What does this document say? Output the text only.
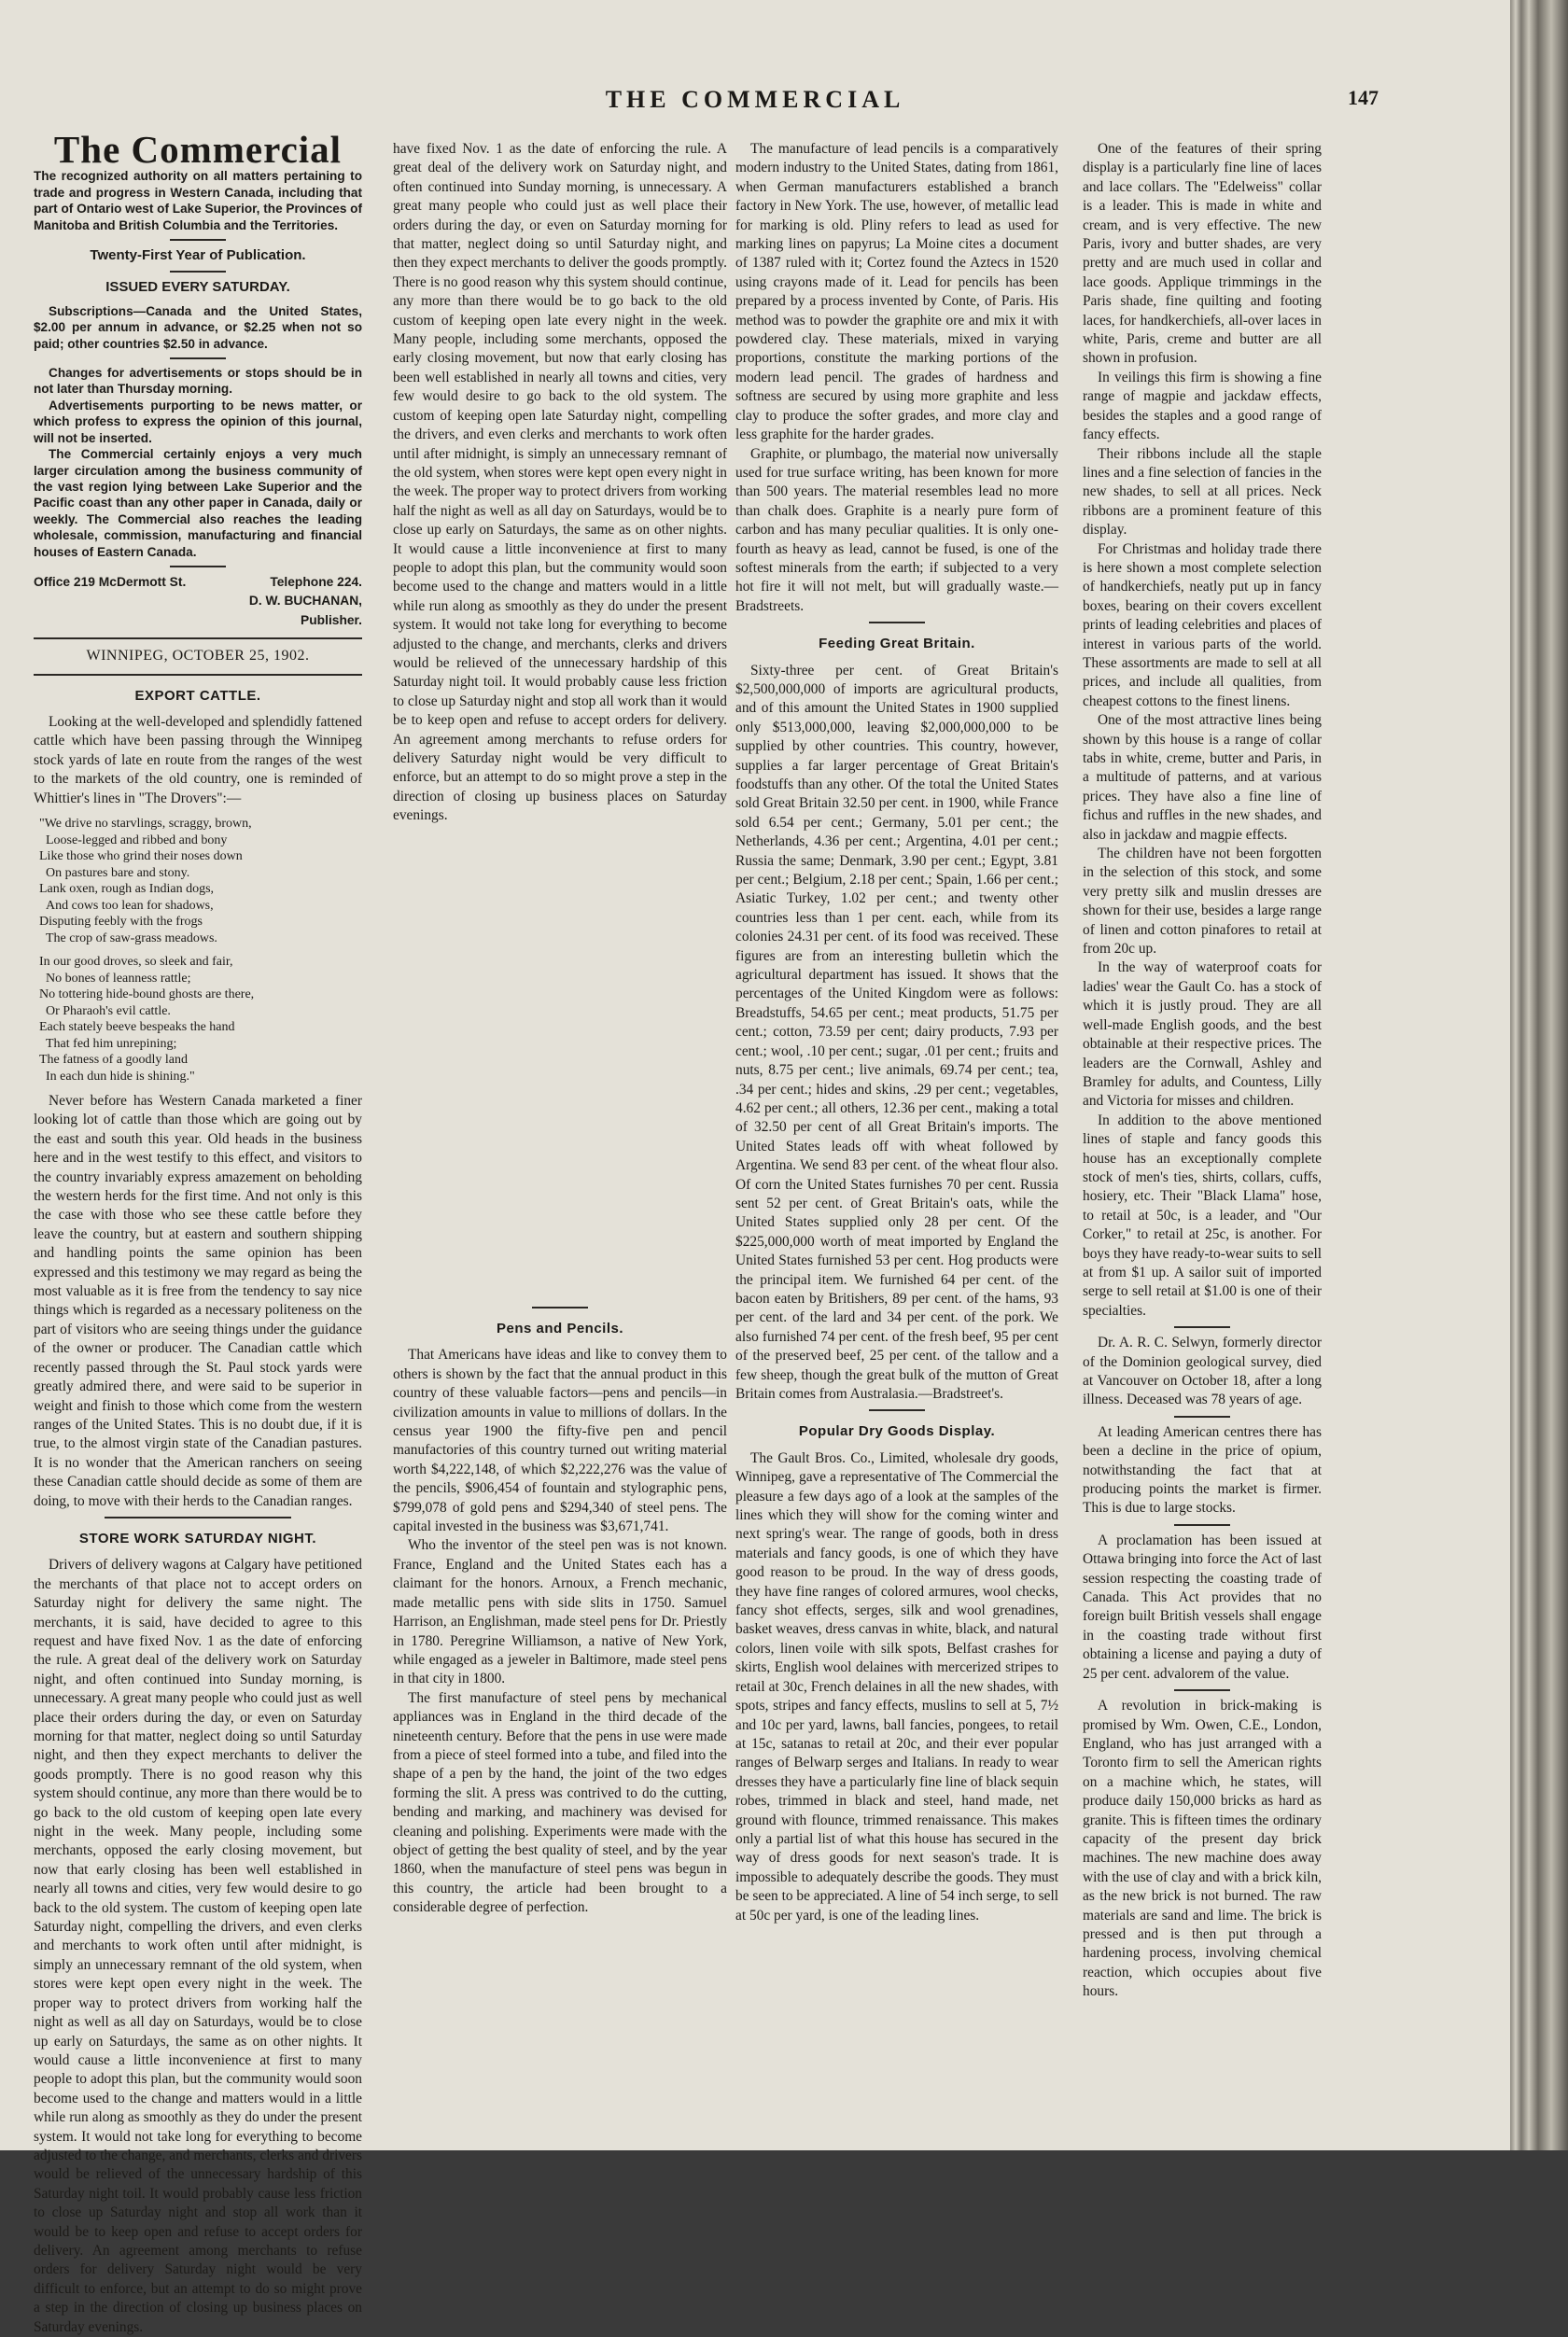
THE COMMERCIAL	147
The Commercial

The recognized authority on all matters pertaining to trade and progress in Western Canada, including that part of Ontario west of Lake Superior, the Provinces of Manitoba and British Columbia and the Territories.

Twenty-First Year of Publication.
ISSUED EVERY SATURDAY.

Subscriptions—Canada and the United States, $2.00 per annum in advance, or $2.25 when not so paid; other countries $2.50 in advance.

Changes for advertisements or stops should be in not later than Thursday morning.

Advertisements purporting to be news matter, or which profess to express the opinion of this journal, will not be inserted.

The Commercial certainly enjoys a very much larger circulation among the business community of the vast region lying between Lake Superior and the Pacific coast than any other paper in Canada, daily or weekly. The Commercial also reaches the leading wholesale, commission, manufacturing and financial houses of Eastern Canada.

Office 219 McDermott St.	Telephone 224.
D. W. BUCHANAN,
Publisher.
WINNIPEG, OCTOBER 25, 1902.
EXPORT CATTLE.

Looking at the well-developed and splendidly fattened cattle which have been passing through the Winnipeg stock yards of late en route from the ranges of the west to the markets of the old country, one is reminded of Whittier's lines in "The Drovers":—

"We drive no starvlings, scraggy, brown,
Loose-legged and ribbed and bony
Like those who grind their noses down
On pastures bare and stony.
Lank oxen, rough as Indian dogs,
And cows too lean for shadows,
Disputing feebly with the frogs
The crop of saw-grass meadows.
In our good droves, so sleek and fair,
No bones of leanness rattle;
No tottering hide-bound ghosts are there,
Or Pharaoh's evil cattle.
Each stately beeve bespeaks the hand
That fed him unrepining;
The fatness of a goodly land
In each dun hide is shining."

Never before has Western Canada marketed a finer looking lot of cattle than those which are going out by the east and south this year. Old heads in the business here and in the west testify to this effect, and visitors to the country invariably express amazement on beholding the western herds for the first time. And not only is this the case with those who see these cattle before they leave the country, but at eastern and southern shipping and handling points the same opinion has been expressed and this testimony we may regard as being the most valuable as it is free from the tendency to say nice things which is regarded as a necessary politeness on the part of visitors who are seeing things under the guidance of the owner or producer. The Canadian cattle which recently passed through the St. Paul stock yards were greatly admired there, and were said to be superior in weight and finish to those which come from the western ranges of the United States. This is no doubt due, if it is true, to the almost virgin state of the Canadian pastures. It is no wonder that the American ranchers on seeing these Canadian cattle should decide as some of them are doing, to move with their herds to the Canadian ranges.

STORE WORK SATURDAY NIGHT.

Drivers of delivery wagons at Calgary have petitioned the merchants of that place not to accept orders on Saturday night for delivery the same night. The merchants, it is said, have decided to agree to this request and have fixed Nov. 1 as the date of enforcing the rule. A great deal of the delivery work on Saturday night, and often continued into Sunday morning, is unnecessary. A great many people who could just as well place their orders during the day, or even on Saturday morning for that matter, neglect doing so until Saturday night, and then they expect merchants to deliver the goods promptly. There is no good reason why this system should continue, any more than there would be to go back to the old custom of keeping open late every night in the week. Many people, including some merchants, opposed the early closing movement, but now that early closing has been well established in nearly all towns and cities, very few would desire to go back to the old system. The custom of keeping open late Saturday night, compelling the drivers, and even clerks and merchants to work often until after midnight, is simply an unnecessary remnant of the old system, when stores were kept open every night in the week. The proper way to protect drivers from working half the night as well as all day on Saturdays, would be to close up early on Saturdays, the same as on other nights. It would cause a little inconvenience at first to many people to adopt this plan, but the community would soon become used to the change and matters would in a little while run along as smoothly as they do under the present system. It would not take long for everything to become adjusted to the change, and merchants, clerks and drivers would be relieved of the unnecessary hardship of this Saturday night toil. It would probably cause less friction to close up Saturday night and stop all work than it would be to keep open and refuse to accept orders for delivery. An agreement among merchants to refuse orders for delivery Saturday night would be very difficult to enforce, but an attempt to do so might prove a step in the direction of closing up business places on Saturday evenings.

have fixed Nov. 1 as the date of enforcing the rule. A great deal of the delivery work on Saturday night, and often continued into Sunday morning, is unnecessary. A great many people who could just as well place their orders during the day, or even on Saturday morning for that matter, neglect doing so until Saturday night, and then they expect merchants to deliver the goods promptly. There is no good reason why this system should continue, any more than there would be to go back to the old custom of keeping open late every night in the week. Many people, including some merchants, opposed the early closing movement, but now that early closing has been well established in nearly all towns and cities, very few would desire to go back to the old system. The custom of keeping open late Saturday night, compelling the drivers, and even clerks and merchants to work often until after midnight, is simply an unnecessary remnant of the old system, when stores were kept open every night in the week. The proper way to protect drivers from working half the night as well as all day on Saturdays, would be to close up early on Saturdays, the same as on other nights. It would cause a little inconvenience at first to many people to adopt this plan, but the community would soon become used to the change and matters would in a little while run along as smoothly as they do under the present system. It would not take long for everything to become adjusted to the change, and merchants, clerks and drivers would be relieved of the unnecessary hardship of this Saturday night toil. It would probably cause less friction to close up Saturday night and stop all work than it would be to keep open and refuse to accept orders for delivery. An agreement among merchants to refuse orders for delivery Saturday night would be very difficult to enforce, but an attempt to do so might prove a step in the direction of closing up business places on Saturday evenings.

Pens and Pencils.

That Americans have ideas and like to convey them to others is shown by the fact that the annual product in this country of these valuable factors—pens and pencils—in civilization amounts in value to millions of dollars. In the census year 1900 the fifty-five pen and pencil manufactories of this country turned out writing material worth $4,222,148, of which $2,222,276 was the value of the pencils, $906,454 of fountain and stylographic pens, $799,078 of gold pens and $294,340 of steel pens. The capital invested in the business was $3,671,741.

Who the inventor of the steel pen was is not known. France, England and the United States each has a claimant for the honors. Arnoux, a French mechanic, made metallic pens with side slits in 1750. Samuel Harrison, an Englishman, made steel pens for Dr. Priestly in 1780. Peregrine Williamson, a native of New York, while engaged as a jeweler in Baltimore, made steel pens in that city in 1800.

The first manufacture of steel pens by mechanical appliances was in England in the third decade of the nineteenth century. Before that the pens in use were made from a piece of steel formed into a tube, and filed into the shape of a pen by the hand, the joint of the two edges forming the slit. A press was contrived to do the cutting, bending and marking, and machinery was devised for cleaning and polishing. Experiments were made with the object of getting the best quality of steel, and by the year 1860, when the manufacture of steel pens was begun in this country, the article had been brought to a considerable degree of perfection.

The manufacture of lead pencils is a comparatively modern industry to the United States, dating from 1861, when German manufacturers established a branch factory in New York. The use, however, of metallic lead for marking is old. Pliny refers to lead as used for marking lines on papyrus; La Moine cites a document of 1387 ruled with it; Cortez found the Aztecs in 1520 using crayons made of it. Lead for pencils has been prepared by a process invented by Conte, of Paris. His method was to powder the graphite ore and mix it with powdered clay. These materials, mixed in varying proportions, constitute the marking portions of the modern lead pencil. The grades of hardness and softness are secured by using more graphite and less clay to produce the softer grades, and more clay and less graphite for the harder grades.

Graphite, or plumbago, the material now universally used for true surface writing, has been known for more than 500 years. The material resembles lead no more than chalk does. Graphite is a nearly pure form of carbon and has many peculiar qualities. It is only one-fourth as heavy as lead, cannot be fused, is one of the softest minerals from the earth; if subjected to a very hot fire it will not melt, but will gradually waste.—Bradstreets.

Feeding Great Britain.

Sixty-three per cent. of Great Britain's $2,500,000,000 of imports are agricultural products, and of this amount the United States in 1900 supplied only $513,000,000, leaving $2,000,000,000 to be supplied by other countries. This country, however, supplies a far larger percentage of Great Britain's foodstuffs than any other. Of the total the United States sold Great Britain 32.50 per cent. in 1900, while France sold 6.54 per cent.; Germany, 5.01 per cent.; the Netherlands, 4.36 per cent.; Argentina, 4.01 per cent.; Russia the same; Denmark, 3.90 per cent.; Egypt, 3.81 per cent.; Belgium, 2.18 per cent.; Spain, 1.66 per cent.; Asiatic Turkey, 1.02 per cent.; and twenty other countries less than 1 per cent. each, while from its colonies 24.31 per cent. of its food was received. These figures are from an interesting bulletin which the agricultural department has issued. It shows that the percentages of the United Kingdom were as follows: Breadstuffs, 54.65 per cent.; meat products, 51.75 per cent.; cotton, 73.59 per cent; dairy products, 7.93 per cent.; wool, .10 per cent.; sugar, .01 per cent.; fruits and nuts, 8.75 per cent.; live animals, 69.74 per cent.; tea, .34 per cent.; hides and skins, .29 per cent.; vegetables, 4.62 per cent.; all others, 12.36 per cent., making a total of 32.50 per cent of all Great Britain's imports. The United States leads off with wheat followed by Argentina. We send 83 per cent. of the wheat flour also. Of corn the United States furnishes 70 per cent. Russia sent 52 per cent. of Great Britain's oats, while the United States supplied only 28 per cent. Of the $225,000,000 worth of meat imported by England the United States furnished 53 per cent. Hog products were the principal item. We furnished 64 per cent. of the bacon eaten by Britishers, 89 per cent. of the hams, 93 per cent. of the lard and 34 per cent. of the pork. We also furnished 74 per cent. of the fresh beef, 95 per cent of the preserved beef, 25 per cent. of the tallow and a few sheep, though the great bulk of the mutton of Great Britain comes from Australasia.—Bradstreet's.

Popular Dry Goods Display.

The Gault Bros. Co., Limited, wholesale dry goods, Winnipeg, gave a representative of The Commercial the pleasure a few days ago of a look at the samples of the lines which they will show for the coming winter and next spring's wear. The range of goods, both in dress materials and fancy goods, is one of which they have good reason to be proud. In the way of dress goods, they have fine ranges of colored armures, wool checks, fancy shot effects, serges, silk and wool grenadines, basket weaves, dress canvas in white, black, and natural colors, linen voile with silk spots, Belfast crashes for skirts, English wool delaines with mercerized stripes to retail at 30c, French delaines in all the new shades, with spots, stripes and fancy effects, muslins to sell at 5, 7½ and 10c per yard, lawns, ball fancies, pongees, to retail at 15c, satanas to retail at 20c, and their ever popular ranges of Belwarp serges and Italians. In ready to wear dresses they have a particularly fine line of black sequin robes, trimmed in black and steel, hand made, net ground with flounce, trimmed renaissance. This makes only a partial list of what this house has secured in the way of dress goods for next season's trade. It is impossible to adequately describe the goods. They must be seen to be appreciated. A line of 54 inch serge, to sell at 50c per yard, is one of the leading lines.

One of the features of their spring display is a particularly fine line of laces and lace collars. The "Edelweiss" collar is a leader. This is made in white and cream, and is very effective. The new Paris, ivory and butter shades, are very pretty and are much used in collar and lace goods. Applique trimmings in the Paris shade, fine quilting and footing laces, for handkerchiefs, all-over laces in white, Paris, creme and butter are all shown in profusion.

In veilings this firm is showing a fine range of magpie and jackdaw effects, besides the staples and a good range of fancy effects.

Their ribbons include all the staple lines and a fine selection of fancies in the new shades, to sell at all prices. Neck ribbons are a prominent feature of this display.

For Christmas and holiday trade there is here shown a most complete selection of handkerchiefs, neatly put up in fancy boxes, bearing on their covers excellent prints of leading celebrities and places of interest in various parts of the world. These assortments are made to sell at all prices, and include all qualities, from cheapest cottons to the finest linens.

One of the most attractive lines being shown by this house is a range of collar tabs in white, creme, butter and Paris, in a multitude of patterns, and at various prices. They have also a fine line of fichus and ruffles in the new shades, and also in jackdaw and magpie effects.

The children have not been forgotten in the selection of this stock, and some very pretty silk and muslin dresses are shown for their use, besides a large range of linen and cotton pinafores to retail at from 20c up.

In the way of waterproof coats for ladies' wear the Gault Co. has a stock of which it is justly proud. They are all well-made English goods, and the best obtainable at their respective prices. The leaders are the Cornwall, Ashley and Bramley for adults, and Countess, Lilly and Victoria for misses and children.

In addition to the above mentioned lines of staple and fancy goods this house has an exceptionally complete stock of men's ties, shirts, collars, cuffs, hosiery, etc. Their "Black Llama" hose, to retail at 50c, is a leader, and "Our Corker," to retail at 25c, is another. For boys they have ready-to-wear suits to sell at from $1 up. A sailor suit of imported serge to sell retail at $1.00 is one of their specialties.

Dr. A. R. C. Selwyn, formerly director of the Dominion geological survey, died at Vancouver on October 18, after a long illness. Deceased was 78 years of age.

At leading American centres there has been a decline in the price of opium, notwithstanding the fact that at producing points the market is firmer. This is due to large stocks.

A proclamation has been issued at Ottawa bringing into force the Act of last session respecting the coasting trade of Canada. This Act provides that no foreign built British vessels shall engage in the coasting trade without first obtaining a license and paying a duty of 25 per cent. advalorem of the value.

A revolution in brick-making is promised by Wm. Owen, C.E., London, England, who has just arranged with a Toronto firm to sell the American rights on a machine which, he states, will produce daily 150,000 bricks as hard as granite. This is fifteen times the ordinary capacity of the present day brick machines. The new machine does away with the use of clay and with a brick kiln, as the new brick is not burned. The raw materials are sand and lime. The brick is pressed and is then put through a hardening process, involving chemical reaction, which occupies about five hours.
